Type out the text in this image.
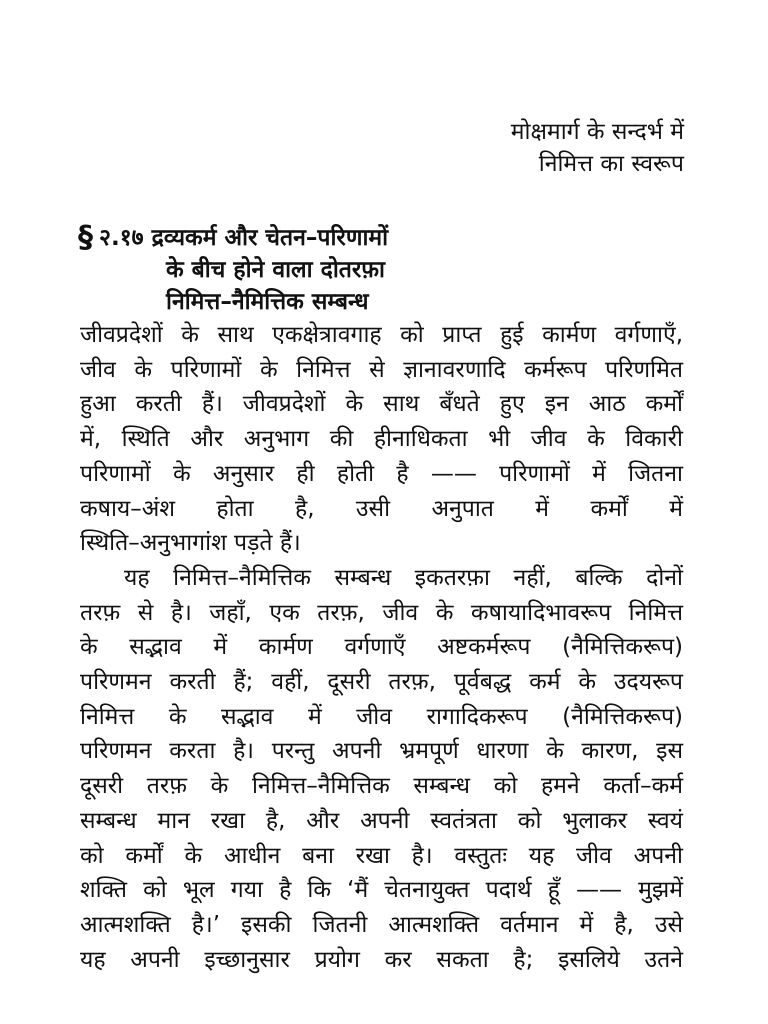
मोक्षमार्ग के सन्दर्भ में
निमित्त का स्वरूप
§ २.१७ द्रव्यकर्म और चेतन–परिणामों
के बीच होने वाला दोतरफ़ा
निमित्त–नैमित्तिक सम्बन्ध
जीवप्रदेशों के साथ एकक्षेत्रावगाह को प्राप्त हुई कार्मण वर्गणाएँ,
जीव के परिणामों के निमित्त से ज्ञानावरणादि कर्मरूप परिणमित
हुआ करती हैं। जीवप्रदेशों के साथ बँधते हुए इन आठ कर्मों
में, स्थिति और अनुभाग की हीनाधिकता भी जीव के विकारी
परिणामों के अनुसार ही होती है —— परिणामों में जितना
कषाय–अंश होता है, उसी अनुपात में कर्मों में
स्थिति–अनुभागांश पड़ते हैं।
यह निमित्त–नैमित्तिक सम्बन्ध इकतरफ़ा नहीं, बल्कि दोनों
तरफ़ से है। जहाँ, एक तरफ़, जीव के कषायादिभावरूप निमित्त
के सद्भाव में कार्मण वर्गणाएँ अष्टकर्मरूप (नैमित्तिकरूप)
परिणमन करती हैं; वहीं, दूसरी तरफ़, पूर्वबद्ध कर्म के उदयरूप
निमित्त के सद्भाव में जीव रागादिकरूप (नैमित्तिकरूप)
परिणमन करता है। परन्तु अपनी भ्रमपूर्ण धारणा के कारण, इस
दूसरी तरफ़ के निमित्त–नैमित्तिक सम्बन्ध को हमने कर्ता–कर्म
सम्बन्ध मान रखा है, और अपनी स्वतंत्रता को भुलाकर स्वयं
को कर्मों के आधीन बना रखा है। वस्तुतः यह जीव अपनी
शक्ति को भूल गया है कि ‘मैं चेतनायुक्त पदार्थ हूँ —— मुझमें
आत्मशक्ति है।’ इसकी जितनी आत्मशक्ति वर्तमान में है, उसे
यह अपनी इच्छानुसार प्रयोग कर सकता है; इसलिये उतने
